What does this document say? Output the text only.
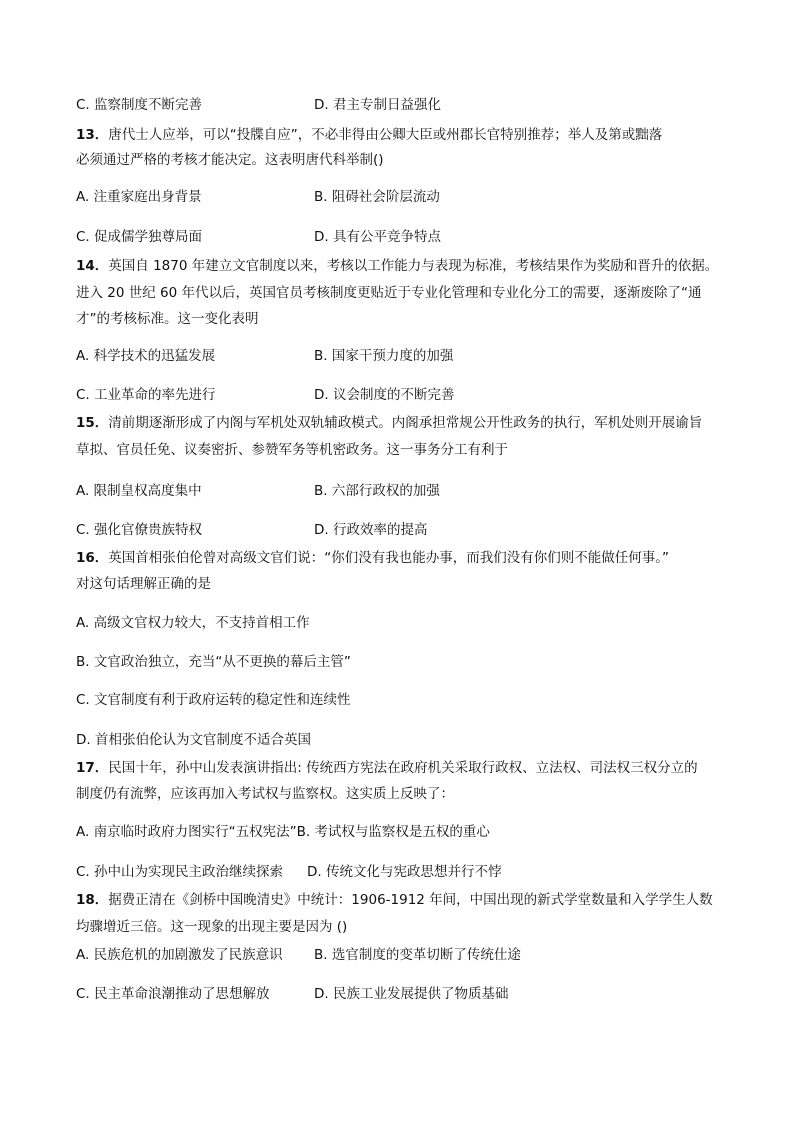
C. 监察制度不断完善	D. 君主专制日益强化
13．唐代士人应举，可以“投牒自应”，不必非得由公卿大臣或州郡长官特别推荐；举人及第或黜落
必须通过严格的考核才能决定。这表明唐代科举制()
A. 注重家庭出身背景	B. 阻碍社会阶层流动
C. 促成儒学独尊局面	D. 具有公平竞争特点
14．英国自 1870 年建立文官制度以来，考核以工作能力与表现为标准，考核结果作为奖励和晋升的依据。
进入 20 世纪 60 年代以后，英国官员考核制度更贴近于专业化管理和专业化分工的需要，逐渐废除了“通
才”的考核标准。这一变化表明
A. 科学技术的迅猛发展	B. 国家干预力度的加强
C. 工业革命的率先进行	D. 议会制度的不断完善
15．清前期逐渐形成了内阁与军机处双轨辅政模式。内阁承担常规公开性政务的执行，军机处则开展谕旨
草拟、官员任免、议奏密折、参赞军务等机密政务。这一事务分工有利于
A. 限制皇权高度集中	B. 六部行政权的加强
C. 强化官僚贵族特权	D. 行政效率的提高
16．英国首相张伯伦曾对高级文官们说：“你们没有我也能办事，而我们没有你们则不能做任何事。”
对这句话理解正确的是
A. 高级文官权力较大，不支持首相工作
B. 文官政治独立，充当“从不更换的幕后主管”
C. 文官制度有利于政府运转的稳定性和连续性
D. 首相张伯伦认为文官制度不适合英国
17．民国十年，孙中山发表演讲指出: 传统西方宪法在政府机关采取行政权、立法权、司法权三权分立的
制度仍有流弊，应该再加入考试权与监察权。这实质上反映了：
A. 南京临时政府力图实行“五权宪法”B. 考试权与监察权是五权的重心
C. 孙中山为实现民主政治继续探索 D. 传统文化与宪政思想并行不悖
18．据费正清在《剑桥中国晚清史》中统计：1906-1912 年间，中国出现的新式学堂数量和入学学生人数
均骤增近三倍。这一现象的出现主要是因为 ()
A. 民族危机的加剧激发了民族意识 B. 选官制度的变革切断了传统仕途
C. 民主革命浪潮推动了思想解放	D. 民族工业发展提供了物质基础
